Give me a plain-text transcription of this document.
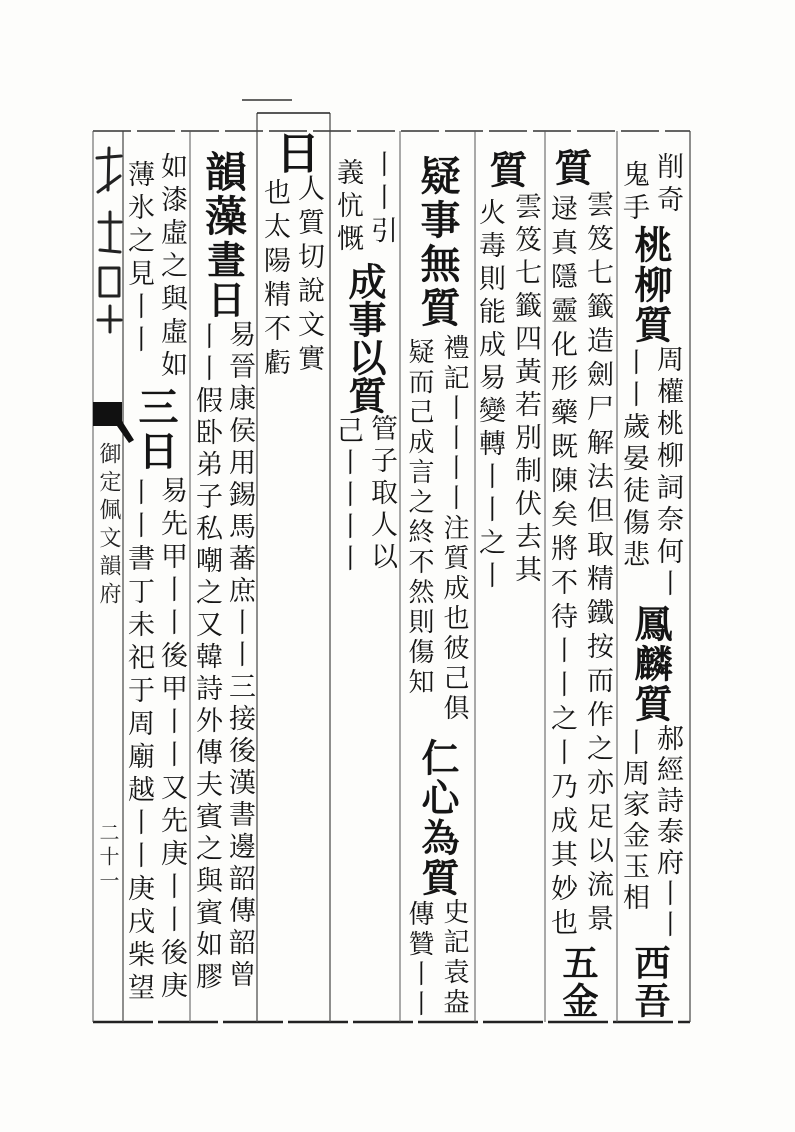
削奇
鬼手
桃柳質
周權桃柳詞奈何丨
丨丨歲晏徒傷悲
鳳麟質
郝經詩泰府丨丨
丨周家金玉相
西吾
質
雲笈七籤造劍尸解法但取精鐵按而作之亦足以流景
逯真隱靈化形藥既陳矣將不待丨丨之丨乃成其妙也
五金
質
雲笈七籤四黃若別制伏去其
火毒則能成易變轉丨丨之丨
疑事無質
禮記丨丨丨丨注質成也彼己俱
疑而己成言之終不然則傷知
仁心為質
史記袁盎
傳贊丨丨
丨丨引
義忼慨
成事以質
管子取人以
己丨丨丨丨
日
人質切說文實
也太陽精不虧
韻藻
晝日
易晉康侯用錫馬蕃庶丨丨三接後漢書邊韶傳韶曾
丨丨假卧弟子私嘲之又韓詩外傳夫賓之與賓如膠
如漆虛之與虛如
薄氷之見丨丨
三日
易先甲丨丨後甲丨丨又先庚丨丨後庚
丨丨書丁未祀于周廟越丨丨庚戌柴望
御定佩文韻府
二十一
